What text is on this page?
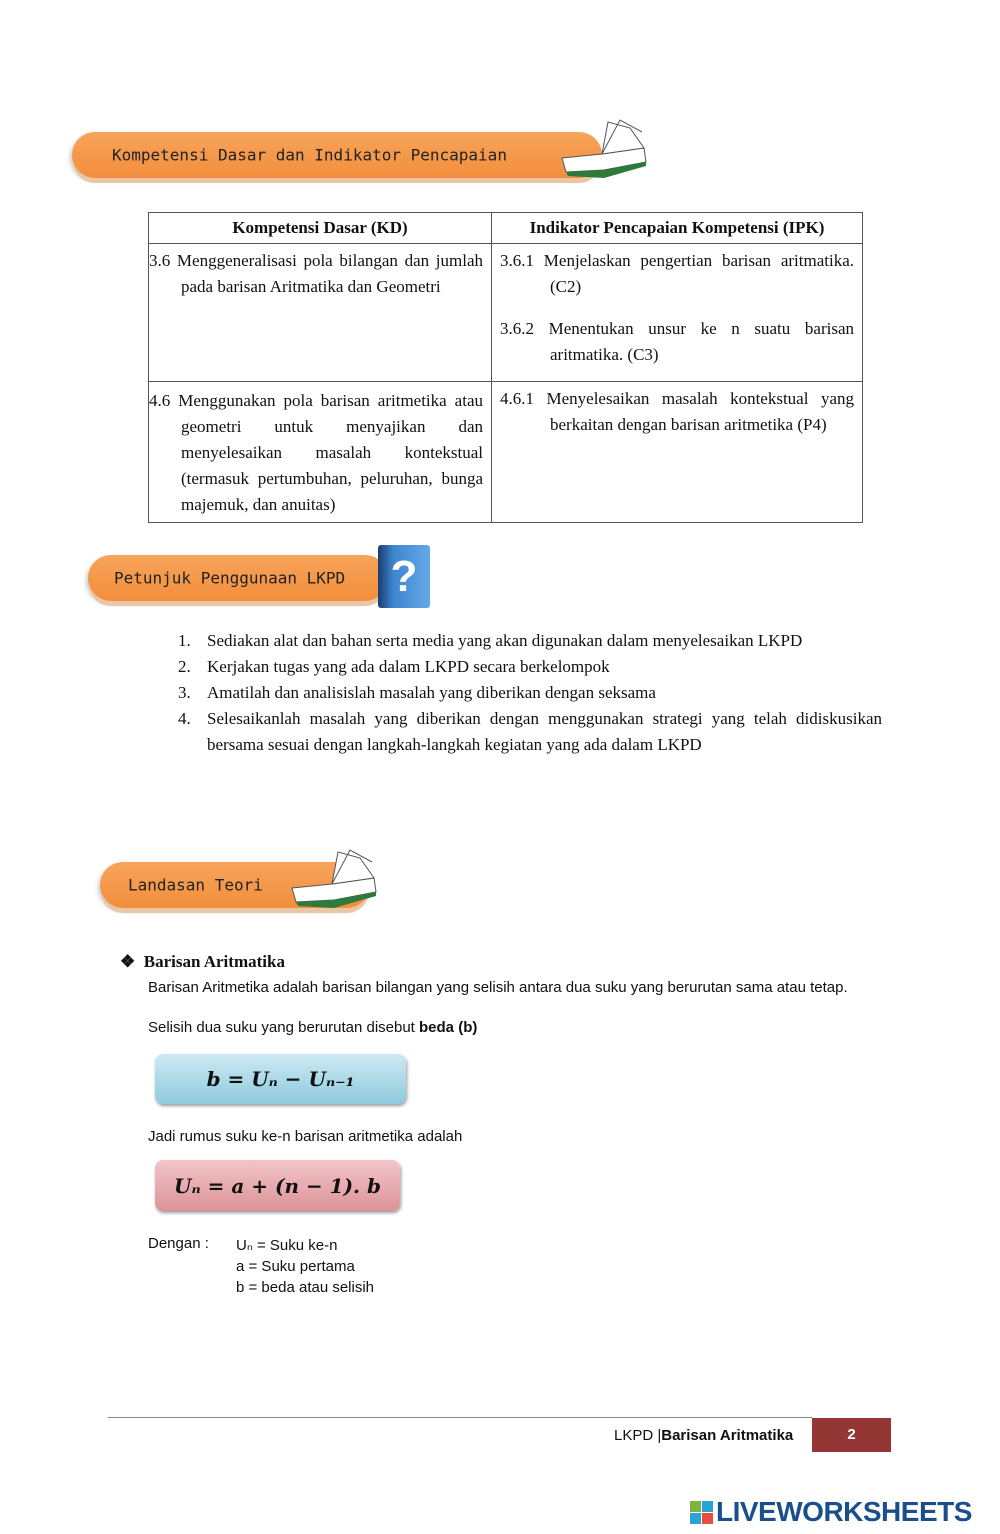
Kompetensi Dasar dan Indikator Pencapaian
Kompetensi Dasar (KD)	Indikator Pencapaian Kompetensi (IPK)
3.6 Menggeneralisasi pola bilangan dan jumlah pada barisan Aritmatika dan Geometri	3.6.1 Menjelaskan pengertian barisan aritmatika. (C2)
3.6.2 Menentukan unsur ke n suatu barisan aritmatika. (C3)

4.6 Menggunakan pola barisan aritmetika atau geometri untuk menyajikan dan menyelesaikan masalah kontekstual (termasuk pertumbuhan, peluruhan, bunga majemuk, dan anuitas)	4.6.1 Menyelesaikan masalah kontekstual yang berkaitan dengan barisan aritmetika (P4)
Petunjuk Penggunaan LKPD ?
1. Sediakan alat dan bahan serta media yang akan digunakan dalam menyelesaikan LKPD
2. Kerjakan tugas yang ada dalam LKPD secara berkelompok
3. Amatilah dan analisislah masalah yang diberikan dengan seksama
4. Selesaikanlah masalah yang diberikan dengan menggunakan strategi yang telah didiskusikan bersama sesuai dengan langkah-langkah kegiatan yang ada dalam LKPD
Landasan Teori
❖ Barisan Aritmatika
Barisan Aritmetika adalah barisan bilangan yang selisih antara dua suku yang berurutan sama atau tetap.
Selisih dua suku yang berurutan disebut beda (b)
b = Uₙ − Uₙ₋₁
Jadi rumus suku ke-n barisan aritmetika adalah
Uₙ = a + (n − 1). b
Dengan : Uₙ = Suku ke-n
a = Suku pertama
b = beda atau selisih
LKPD |Barisan Aritmatika	2
LIVEWORKSHEETS
